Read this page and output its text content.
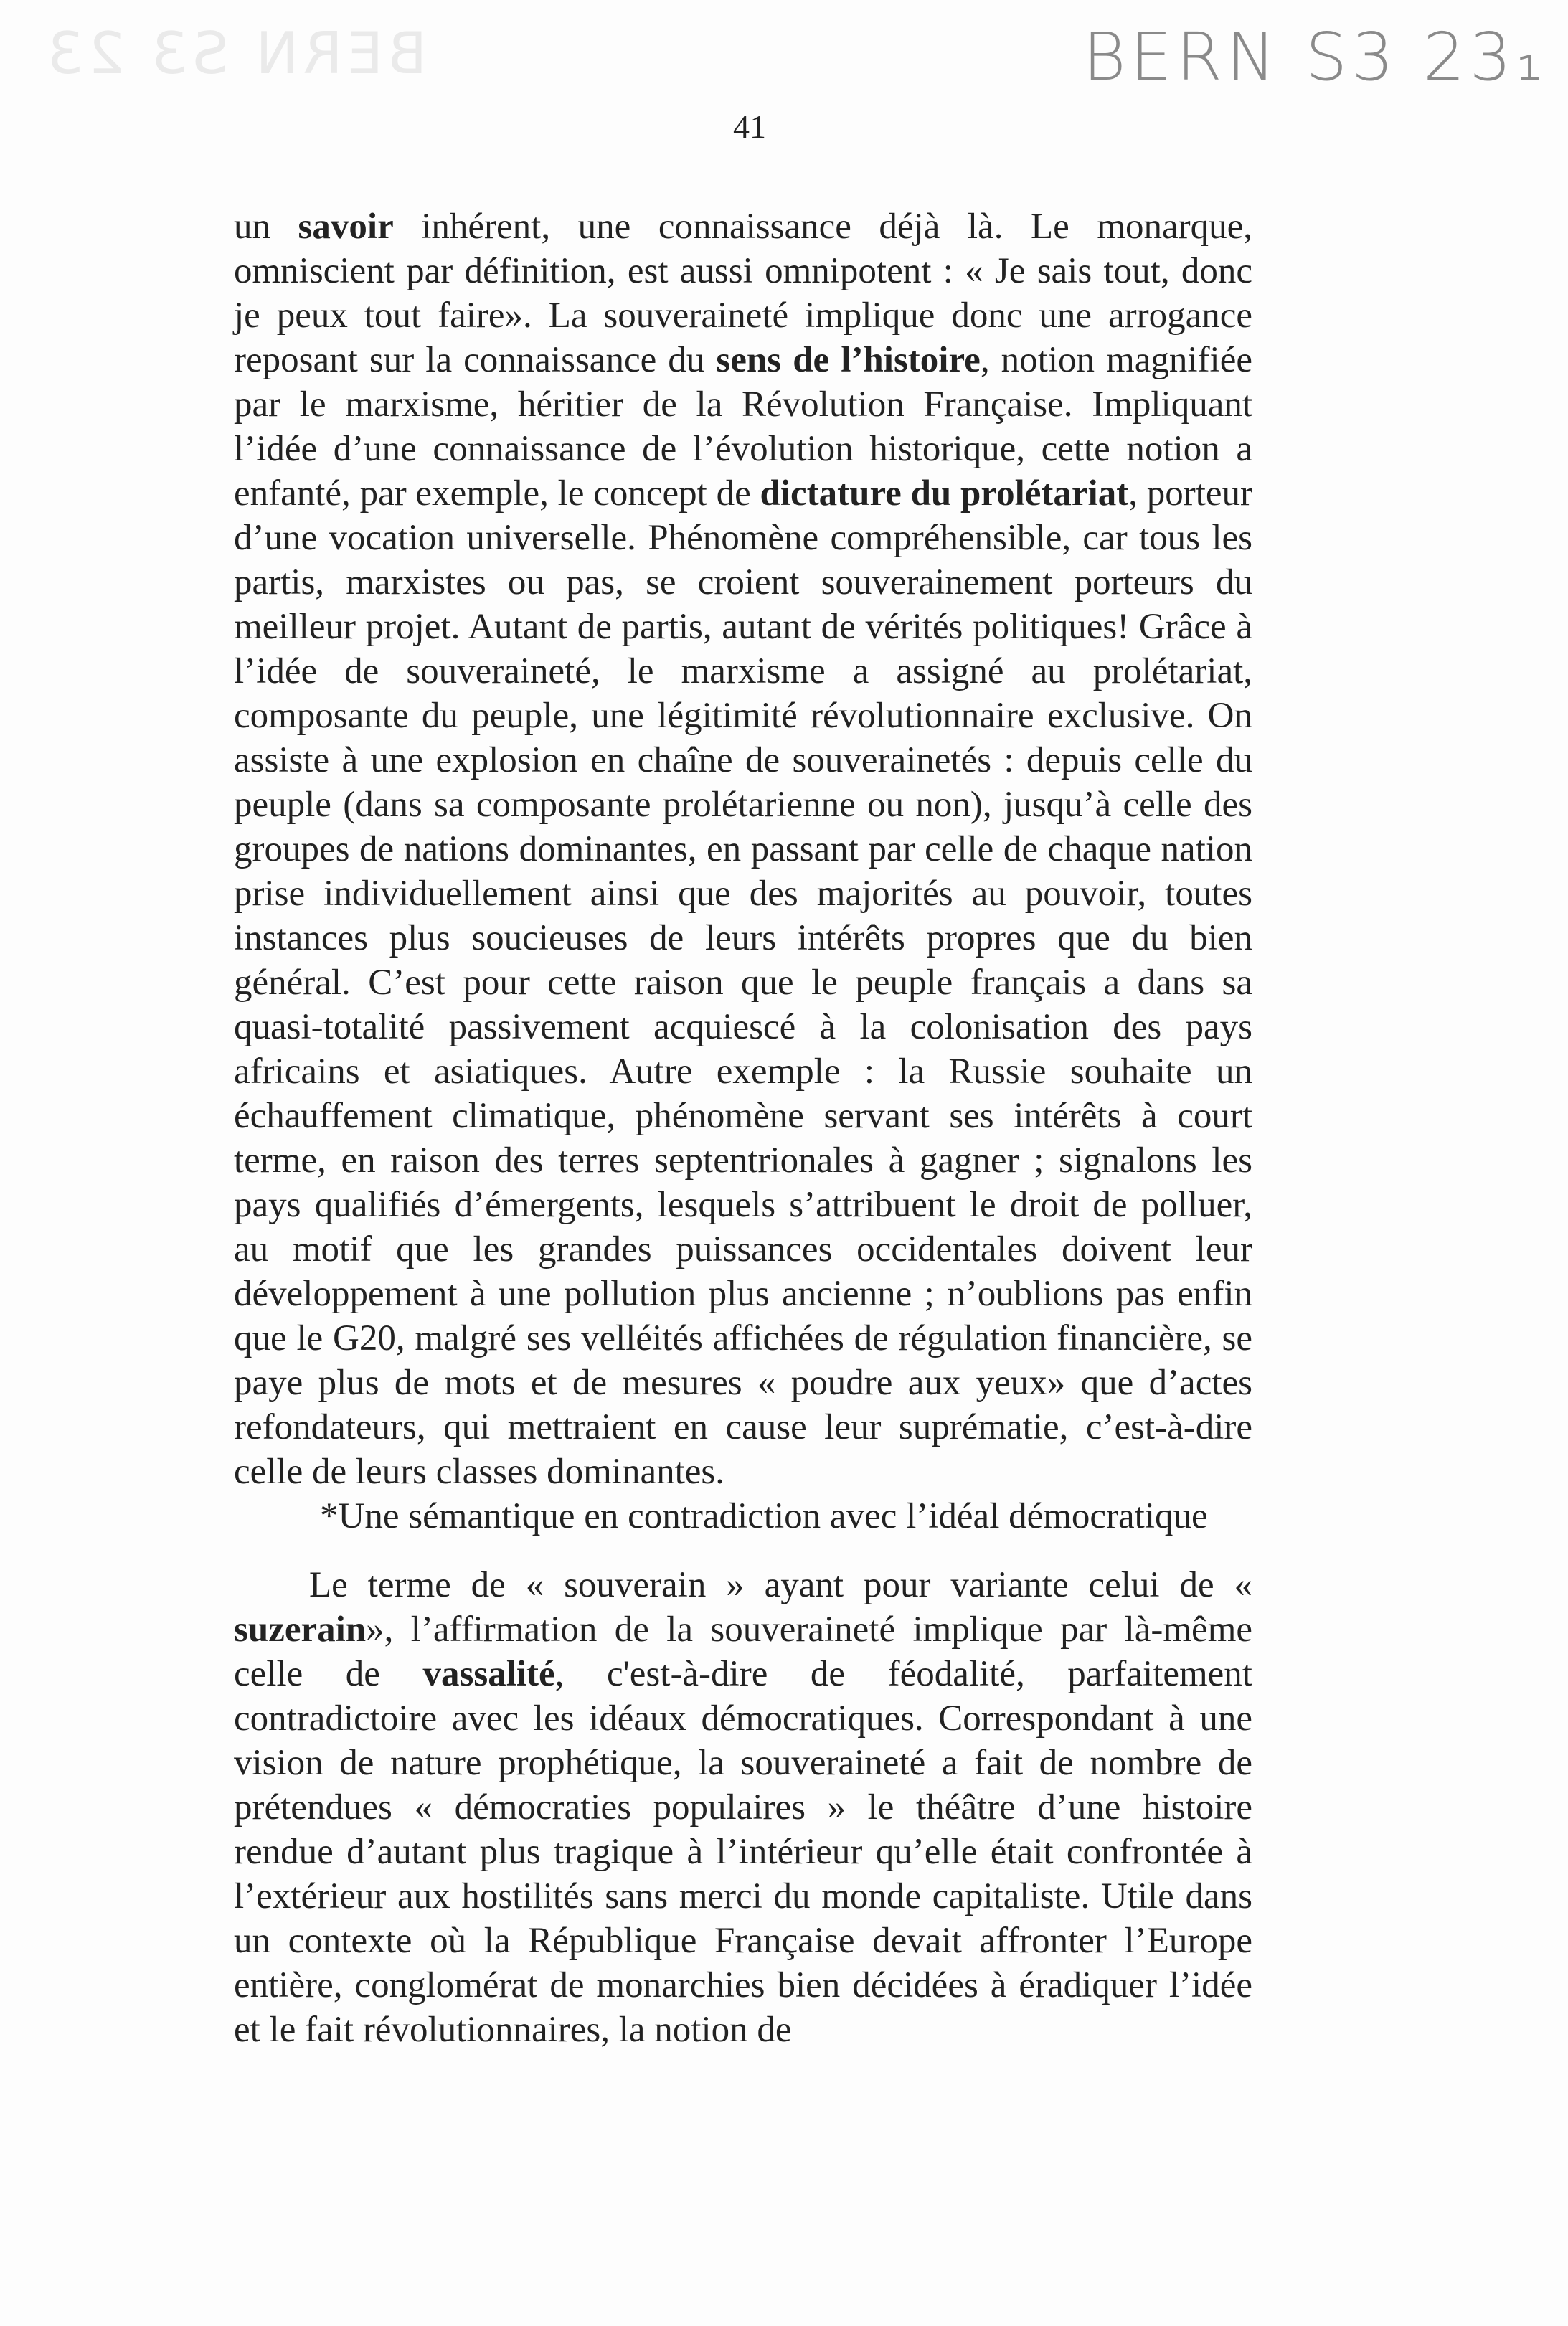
BERN S3 23	BERN S3 23₁
41

un savoir inhérent, une connaissance déjà là. Le monarque, omniscient par définition, est aussi omnipotent : « Je sais tout, donc je peux tout faire». La souveraineté implique donc une arrogance reposant sur la connaissance du sens de l’histoire, notion magnifiée par le marxisme, héritier de la Révolution Française. Impliquant l’idée d’une connaissance de l’évolution historique, cette notion a enfanté, par exemple, le concept de dictature du prolétariat, porteur d’une vocation universelle. Phénomène compréhensible, car tous les partis, marxistes ou pas, se croient souverainement porteurs du meilleur projet. Autant de partis, autant de vérités politiques! Grâce à l’idée de souveraineté, le marxisme a assigné au prolétariat, composante du peuple, une légitimité révolutionnaire exclusive. On assiste à une explosion en chaîne de souverainetés : depuis celle du peuple (dans sa composante prolétarienne ou non), jusqu’à celle des groupes de nations dominantes, en passant par celle de chaque nation prise individuellement ainsi que des majorités au pouvoir, toutes instances plus soucieuses de leurs intérêts propres que du bien général. C’est pour cette raison que le peuple français a dans sa quasi-totalité passivement acquiescé à la colonisation des pays africains et asiatiques. Autre exemple : la Russie souhaite un échauffement climatique, phénomène servant ses intérêts à court terme, en raison des terres septentrionales à gagner ; signalons les pays qualifiés d’émergents, lesquels s’attribuent le droit de polluer, au motif que les grandes puissances occidentales doivent leur développement à une pollution plus ancienne ; n’oublions pas enfin que le G20, malgré ses velléités affichées de régulation financière, se paye plus de mots et de mesures « poudre aux yeux» que d’actes refondateurs, qui mettraient en cause leur suprématie, c’est-à-dire celle de leurs classes dominantes.

*Une sémantique en contradiction avec l’idéal démocratique

Le terme de « souverain » ayant pour variante celui de « suzerain», l’affirmation de la souveraineté implique par là-même celle de vassalité, c'est-à-dire de féodalité, parfaitement contradictoire avec les idéaux démocratiques. Correspondant à une vision de nature prophétique, la souveraineté a fait de nombre de prétendues « démocraties populaires » le théâtre d’une histoire rendue d’autant plus tragique à l’intérieur qu’elle était confrontée à l’extérieur aux hostilités sans merci du monde capitaliste. Utile dans un contexte où la République Française devait affronter l’Europe entière, conglomérat de monarchies bien décidées à éradiquer l’idée et le fait révolutionnaires, la notion de
